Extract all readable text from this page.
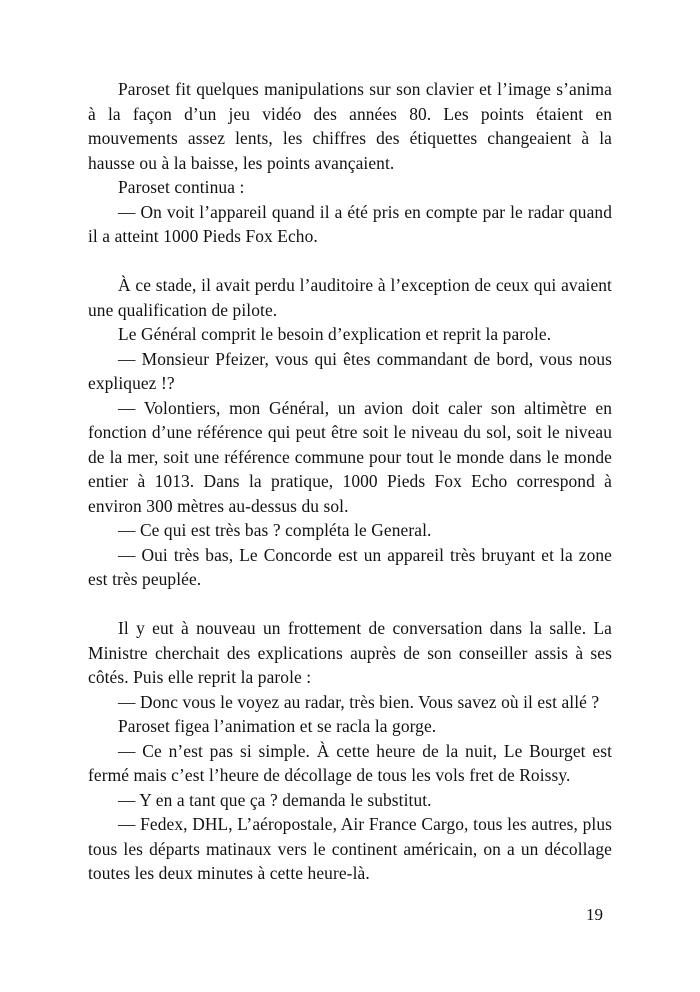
Paroset fit quelques manipulations sur son clavier et l’image s’anima à la façon d’un jeu vidéo des années 80. Les points étaient en mouvements assez lents, les chiffres des étiquettes changeaient à la hausse ou à la baisse, les points avançaient.

Paroset continua :

— On voit l’appareil quand il a été pris en compte par le radar quand il a atteint 1000 Pieds Fox Echo.

À ce stade, il avait perdu l’auditoire à l’exception de ceux qui avaient une qualification de pilote.

Le Général comprit le besoin d’explication et reprit la parole.

— Monsieur Pfeizer, vous qui êtes commandant de bord, vous nous expliquez !?

— Volontiers, mon Général, un avion doit caler son altimètre en fonction d’une référence qui peut être soit le niveau du sol, soit le niveau de la mer, soit une référence commune pour tout le monde dans le monde entier à 1013. Dans la pratique, 1000 Pieds Fox Echo correspond à environ 300 mètres au-dessus du sol.

— Ce qui est très bas ? compléta le General.

— Oui très bas, Le Concorde est un appareil très bruyant et la zone est très peuplée.

Il y eut à nouveau un frottement de conversation dans la salle. La Ministre cherchait des explications auprès de son conseiller assis à ses côtés. Puis elle reprit la parole :

— Donc vous le voyez au radar, très bien. Vous savez où il est allé ?

Paroset figea l’animation et se racla la gorge.

— Ce n’est pas si simple. À cette heure de la nuit, Le Bourget est fermé mais c’est l’heure de décollage de tous les vols fret de Roissy.

— Y en a tant que ça ? demanda le substitut.

— Fedex, DHL, L’aéropostale, Air France Cargo, tous les autres, plus tous les départs matinaux vers le continent américain, on a un décollage toutes les deux minutes à cette heure-là.

19
